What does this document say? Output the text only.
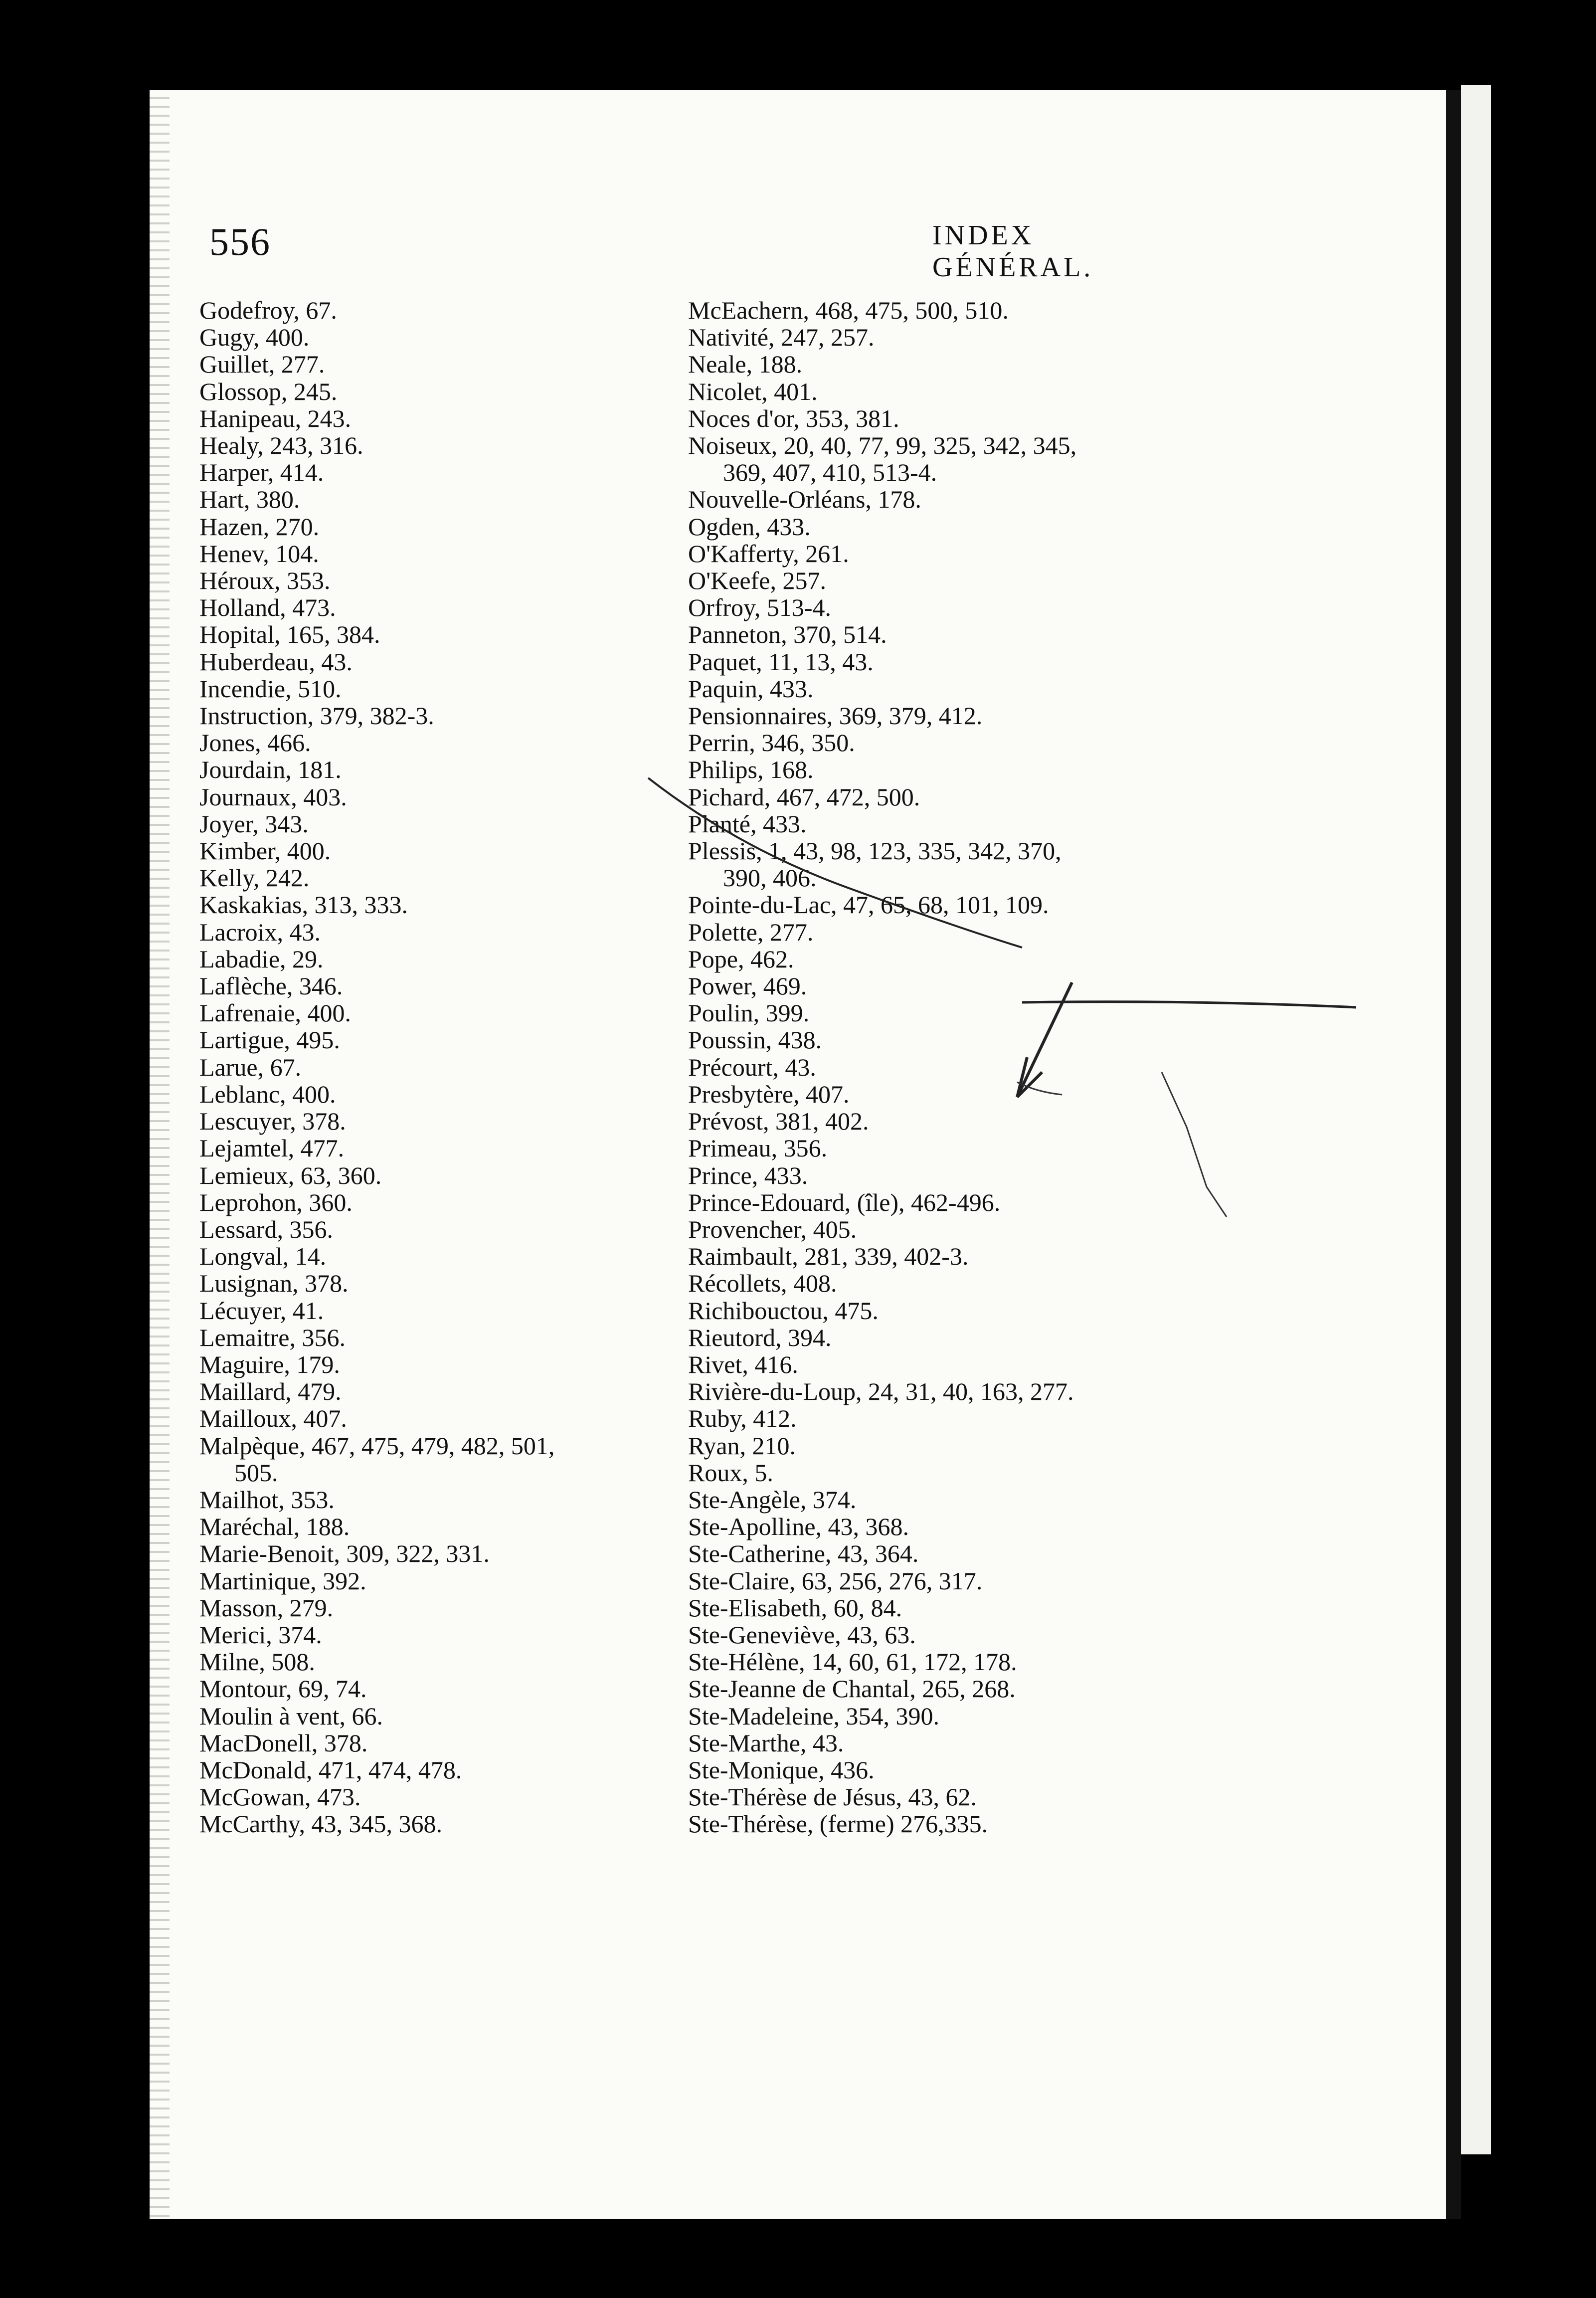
556	INDEX GÉNÉRAL.
Godefroy, 67.
Gugy, 400.
Guillet, 277.
Glossop, 245.
Hanipeau, 243.
Healy, 243, 316.
Harper, 414.
Hart, 380.
Hazen, 270.
Henev, 104.
Héroux, 353.
Holland, 473.
Hopital, 165, 384.
Huberdeau, 43.
Incendie, 510.
Instruction, 379, 382-3.
Jones, 466.
Jourdain, 181.
Journaux, 403.
Joyer, 343.
Kimber, 400.
Kelly, 242.
Kaskakias, 313, 333.
Lacroix, 43.
Labadie, 29.
Laflèche, 346.
Lafrenaie, 400.
Lartigue, 495.
Larue, 67.
Leblanc, 400.
Lescuyer, 378.
Lejamtel, 477.
Lemieux, 63, 360.
Leprohon, 360.
Lessard, 356.
Longval, 14.
Lusignan, 378.
Lécuyer, 41.
Lemaitre, 356.
Maguire, 179.
Maillard, 479.
Mailloux, 407.
Malpèque, 467, 475, 479, 482, 501,
505.
Mailhot, 353.
Maréchal, 188.
Marie-Benoit, 309, 322, 331.
Martinique, 392.
Masson, 279.
Merici, 374.
Milne, 508.
Montour, 69, 74.
Moulin à vent, 66.
MacDonell, 378.
McDonald, 471, 474, 478.
McGowan, 473.
McCarthy, 43, 345, 368.
McEachern, 468, 475, 500, 510.
Nativité, 247, 257.
Neale, 188.
Nicolet, 401.
Noces d'or, 353, 381.
Noiseux, 20, 40, 77, 99, 325, 342, 345,
369, 407, 410, 513-4.
Nouvelle-Orléans, 178.
Ogden, 433.
O'Kafferty, 261.
O'Keefe, 257.
Orfroy, 513-4.
Panneton, 370, 514.
Paquet, 11, 13, 43.
Paquin, 433.
Pensionnaires, 369, 379, 412.
Perrin, 346, 350.
Philips, 168.
Pichard, 467, 472, 500.
Planté, 433.
Plessis, 1, 43, 98, 123, 335, 342, 370,
390, 406.
Pointe-du-Lac, 47, 65, 68, 101, 109.
Polette, 277.
Pope, 462.
Power, 469.
Poulin, 399.
Poussin, 438.
Précourt, 43.
Presbytère, 407.
Prévost, 381, 402.
Primeau, 356.
Prince, 433.
Prince-Edouard, (île), 462-496.
Provencher, 405.
Raimbault, 281, 339, 402-3.
Récollets, 408.
Richibouctou, 475.
Rieutord, 394.
Rivet, 416.
Rivière-du-Loup, 24, 31, 40, 163, 277.
Ruby, 412.
Ryan, 210.
Roux, 5.
Ste-Angèle, 374.
Ste-Apolline, 43, 368.
Ste-Catherine, 43, 364.
Ste-Claire, 63, 256, 276, 317.
Ste-Elisabeth, 60, 84.
Ste-Geneviève, 43, 63.
Ste-Hélène, 14, 60, 61, 172, 178.
Ste-Jeanne de Chantal, 265, 268.
Ste-Madeleine, 354, 390.
Ste-Marthe, 43.
Ste-Monique, 436.
Ste-Thérèse de Jésus, 43, 62.
Ste-Thérèse, (ferme) 276,335.
